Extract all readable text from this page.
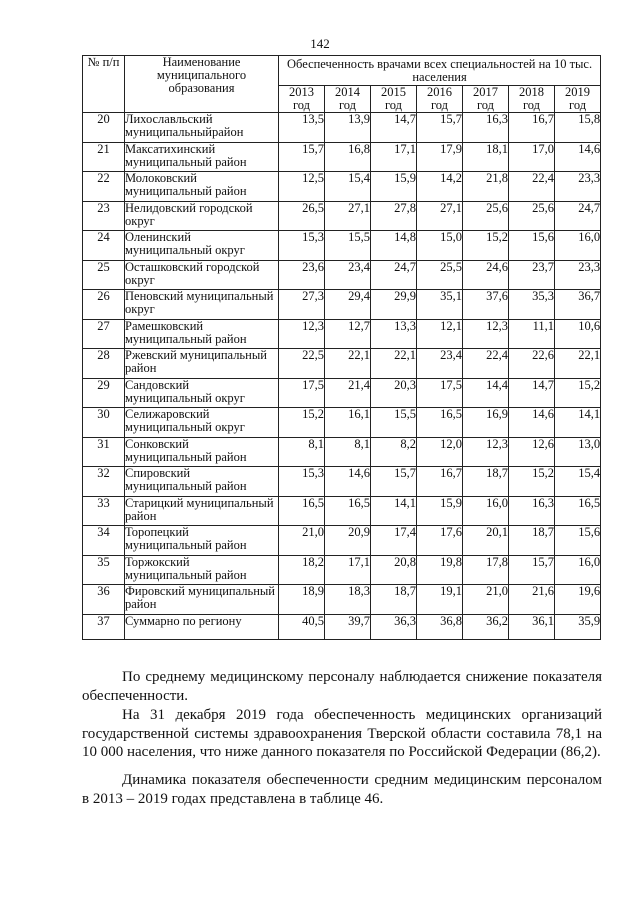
142
№ п/п	Наименование муниципального образования	Обеспеченность врачами всех специальностей на 10 тыс. населения						
		2013 год	2014 год	2015 год	2016 год	2017 год	2018 год	2019 год
20	Лихославльский муниципальныйрайон	13,5	13,9	14,7	15,7	16,3	16,7	15,8
21	Максатихинский муниципальный район	15,7	16,8	17,1	17,9	18,1	17,0	14,6
22	Молоковский муниципальный район	12,5	15,4	15,9	14,2	21,8	22,4	23,3
23	Нелидовский городской округ	26,5	27,1	27,8	27,1	25,6	25,6	24,7
24	Оленинский муниципальный округ	15,3	15,5	14,8	15,0	15,2	15,6	16,0
25	Осташковский городской округ	23,6	23,4	24,7	25,5	24,6	23,7	23,3
26	Пеновский муниципальный округ	27,3	29,4	29,9	35,1	37,6	35,3	36,7
27	Рамешковский муниципальный район	12,3	12,7	13,3	12,1	12,3	11,1	10,6
28	Ржевский муниципальный район	22,5	22,1	22,1	23,4	22,4	22,6	22,1
29	Сандовский муниципальный округ	17,5	21,4	20,3	17,5	14,4	14,7	15,2
30	Селижаровский муниципальный округ	15,2	16,1	15,5	16,5	16,9	14,6	14,1
31	Сонковский муниципальный район	8,1	8,1	8,2	12,0	12,3	12,6	13,0
32	Спировский муниципальный район	15,3	14,6	15,7	16,7	18,7	15,2	15,4
33	Старицкий муниципальный район	16,5	16,5	14,1	15,9	16,0	16,3	16,5
34	Торопецкий муниципальный район	21,0	20,9	17,4	17,6	20,1	18,7	15,6
35	Торжокский муниципальный район	18,2	17,1	20,8	19,8	17,8	15,7	16,0
36	Фировский муниципальный район	18,9	18,3	18,7	19,1	21,0	21,6	19,6
37	Суммарно по региону	40,5	39,7	36,3	36,8	36,2	36,1	35,9

По среднему медицинскому персоналу наблюдается снижение показателя обеспеченности.

На 31 декабря 2019 года обеспеченность медицинских организаций государственной системы здравоохранения Тверской области составила 78,1 на 10 000 населения, что ниже данного показателя по Российской Федерации (86,2).

Динамика показателя обеспеченности средним медицинским персоналом в 2013 – 2019 годах представлена в таблице 46.
